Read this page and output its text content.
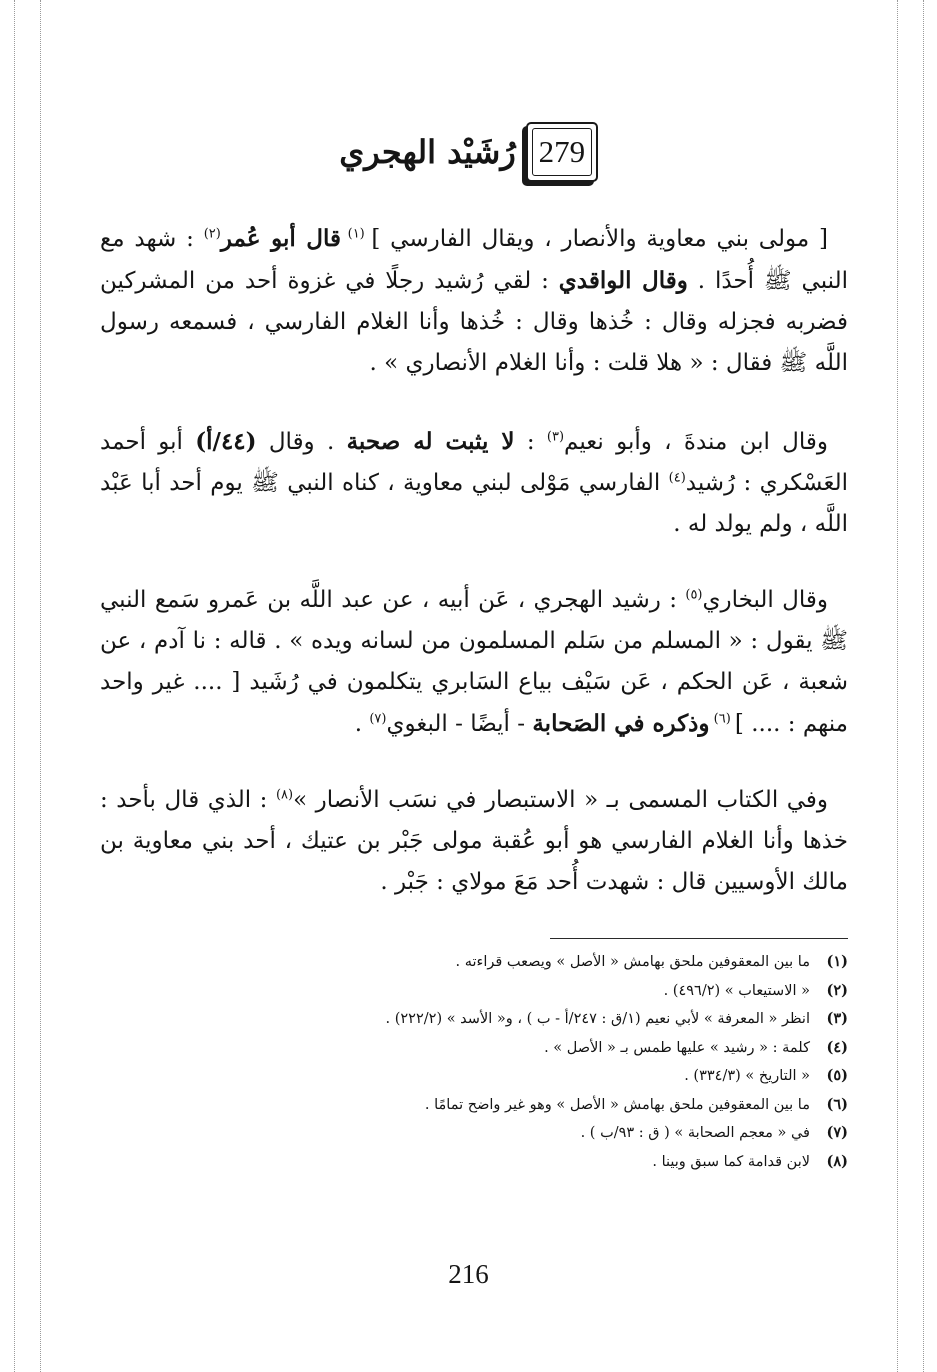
279
رُشَيْد الهجري

[ مولى بني معاوية والأنصار ، ويقال الفارسي ] $^{(١)}$ قال أبو عُمر$^{(٢)}$ : شهد مع النبي ﷺ أُحدًا . وقال الواقدي : لقي رُشيد رجلًا في غزوة أحد من المشركين فضربه فجزله وقال : خُذها وقال : خُذها وأنا الغلام الفارسي ، فسمعه رسول اللَّه ﷺ فقال : « هلا قلت : وأنا الغلام الأنصاري » .

وقال ابن مندةَ ، وأبو نعيم$^{(٣)}$ : لا يثبت له صحبة . وقال (٤٤/أ) أبو أحمد العَسْكري : رُشيد$^{(٤)}$ الفارسي مَوْلى لبني معاوية ، كناه النبي ﷺ يوم أحد أبا عَبْد اللَّه ، ولم يولد له .

وقال البخاري$^{(٥)}$ : رشيد الهجري ، عَن أبيه ، عن عبد اللَّه بن عَمرو سَمع النبي ﷺ يقول : « المسلم من سَلم المسلمون من لسانه ويده » . قاله : نا آدم ، عن شعبة ، عَن الحكم ، عَن سَيْف بياع السَابري يتكلمون في رُشَيد [ .... غير واحد منهم : .... ] $^{(٦)}$ وذكره في الصَحابة - أيضًا - البغوي$^{(٧)}$ .

وفي الكتاب المسمى بـ « الاستبصار في نسَب الأنصار »$^{(٨)}$ : الذي قال بأحد : خذها وأنا الغلام الفارسي هو أبو عُقبة مولى جَبْر بن عتيك ، أحد بني معاوية بن مالك الأوسيين قال : شهدت أُحد مَعَ مولاي : جَبْر .

(١)ما بين المعقوفين ملحق بهامش « الأصل » ويصعب قراءته .
(٢)« الاستيعاب » (٤٩٦/٢) .
(٣)انظر « المعرفة » لأبي نعيم (١/ق : ٢٤٧/أ - ب ) ، و« الأسد » (٢٢٢/٢) .
(٤)كلمة : « رشيد » عليها طمس بـ « الأصل » .
(٥)« التاريخ » (٣٣٤/٣) .
(٦)ما بين المعقوفين ملحق بهامش « الأصل » وهو غير واضح تمامًا .
(٧)في « معجم الصحابة » ( ق : ٩٣/ب ) .
(٨)لابن قدامة كما سبق وبينا .
216
